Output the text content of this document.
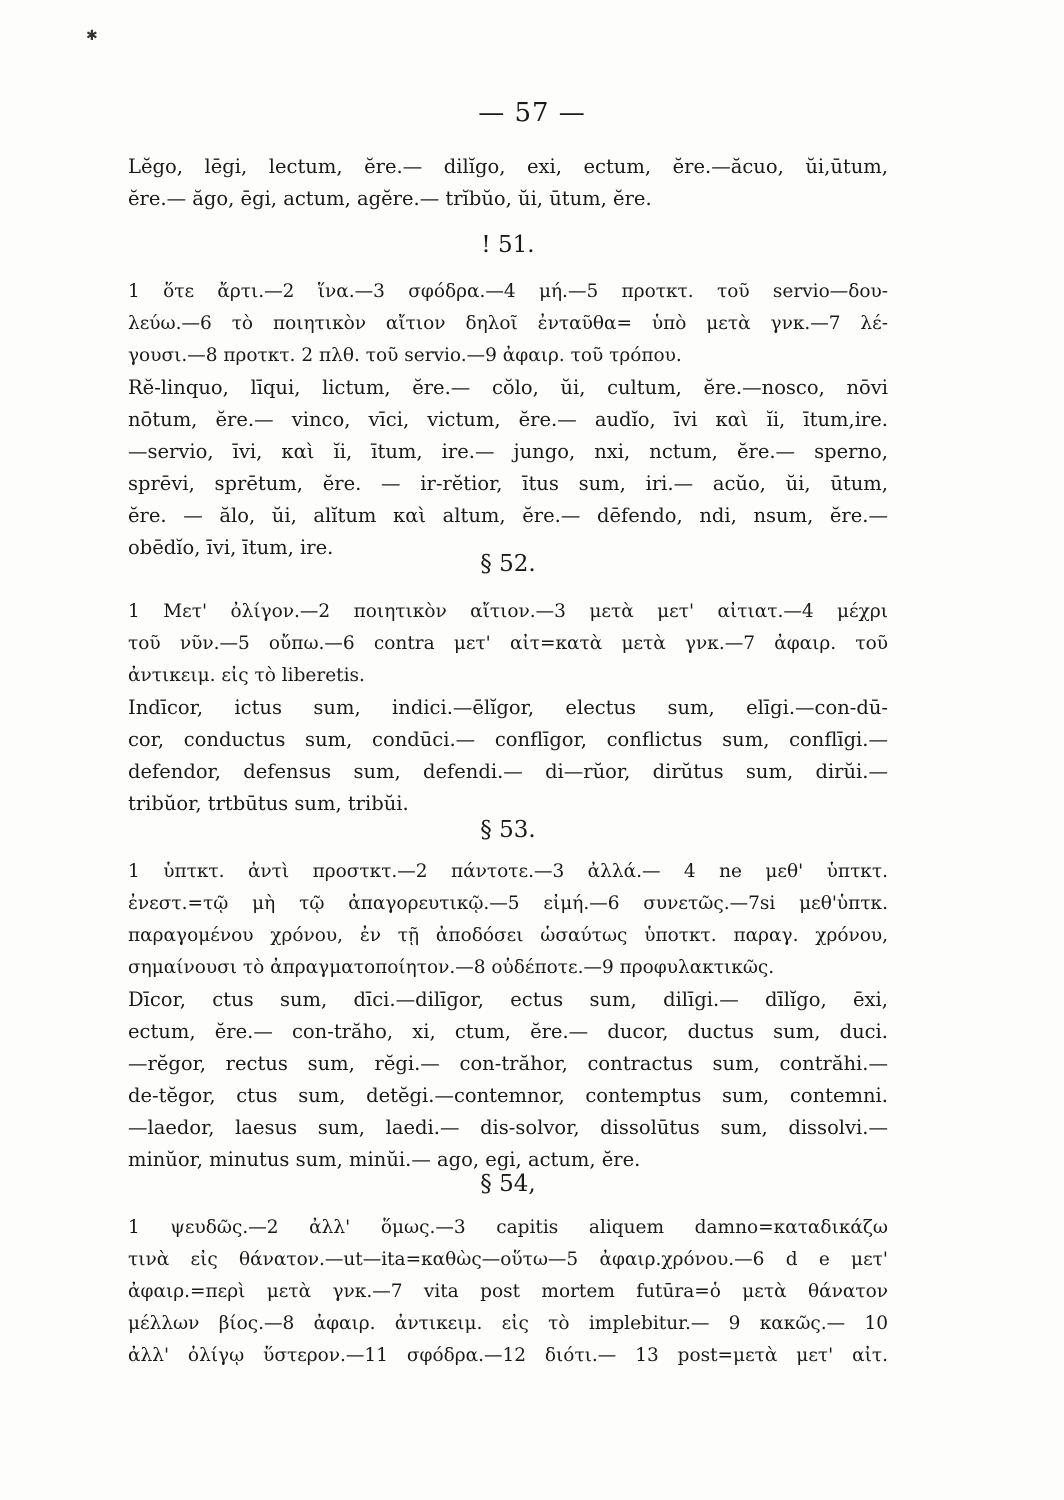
✱
— 57 —
Lĕgo, lēgi, lectum, ĕre.— dilĭgo, exi, ectum, ĕre.—ăcuo, ŭi,ūtum,
ĕre.— ăgo, ēgi, actum, agĕre.— trĭbŭo, ŭi, ūtum, ĕre.
! 51.
1 ὅτε ἄρτι.—2 ἵνα.—3 σφόδρα.—4 μή.—5 προτκτ. τοῦ servio—δου-
λεύω.—6 τὸ ποιητικὸν αἴτιον δηλοῖ ἐνταῦθα= ὑπὸ μετὰ γνκ.—7 λέ-
γουσι.—8 προτκτ. 2 πλθ. τοῦ servio.—9 ἀφαιρ. τοῦ τρόπου.
Rĕ-linquo, līqui, lictum, ĕre.— cŏlo, ŭi, cultum, ĕre.—nosco, nōvi
nōtum, ĕre.— vinco, vīci, victum, ĕre.— audĭo, īvi καὶ ĭi, ītum,ire.
—servio, īvi, καὶ ĭi, ītum, ire.— jungo, nxi, nctum, ĕre.— sperno,
sprēvi, sprētum, ĕre. — ir-rĕtior, ītus sum, iri.— acŭo, ŭi, ūtum,
ĕre. — ălo, ŭi, alĭtum καὶ altum, ĕre.— dēfendo, ndi, nsum, ĕre.—
obēdĭo, īvi, ītum, ire.
§ 52.
1 Μετ' ὀλίγον.—2 ποιητικὸν αἴτιον.—3 μετὰ μετ' αἰτιατ.—4 μέχρι
τοῦ νῦν.—5 οὔπω.—6 contra μετ' αἰτ=κατὰ μετὰ γνκ.—7 ἀφαιρ. τοῦ
ἀντικειμ. εἰς τὸ liberetis.
Indīcor, ictus sum, indici.—ēlĭgor, electus sum, elīgi.—con-dū-
cor, conductus sum, condūci.— conflīgor, conflictus sum, conflīgi.—
defendor, defensus sum, defendi.— di—rŭor, dirŭtus sum, dirŭi.—
tribŭor, trtbūtus sum, tribŭi.
§ 53.
1 ὑπτκτ. ἀντὶ προστκτ.—2 πάντοτε.—3 ἀλλά.— 4 ne μεθ' ὑπτκτ.
ἐνεστ.=τῷ μὴ τῷ ἀπαγορευτικῷ.—5 εἰμή.—6 συνετῶς.—7si μεθ'ὑπτκ.
παραγομένου χρόνου, ἐν τῇ ἀποδόσει ὡσαύτως ὑποτκτ. παραγ. χρόνου,
σημαίνουσι τὸ ἀπραγματοποίητον.—8 οὐδέποτε.—9 προφυλακτικῶς.
Dīcor, ctus sum, dīci.—dilīgor, ectus sum, dilīgi.— dīlĭgo, ēxi,
ectum, ĕre.— con-trăho, xi, ctum, ĕre.— ducor, ductus sum, duci.
—rĕgor, rectus sum, rĕgi.— con-trăhor, contractus sum, contrăhi.—
de-tĕgor, ctus sum, detĕgi.—contemnor, contemptus sum, contemni.
—laedor, laesus sum, laedi.— dis-solvor, dissolūtus sum, dissolvi.—
minŭor, minutus sum, minŭi.— ago, egi, actum, ĕre.
§ 54,
1 ψευδῶς.—2 ἀλλ' ὅμως.—3 capitis aliquem damno=καταδικάζω
τινὰ εἰς θάνατον.—ut—ita=καθὼς—οὕτω—5 ἀφαιρ.χρόνου.—6 d e μετ'
ἀφαιρ.=περὶ μετὰ γνκ.—7 vita post mortem futūra=ὁ μετὰ θάνατον
μέλλων βίος.—8 ἀφαιρ. ἀντικειμ. εἰς τὸ implebitur.— 9 κακῶς.— 10
ἀλλ' ὀλίγῳ ὕστερον.—11 σφόδρα.—12 διότι.— 13 post=μετὰ μετ' αἰτ.
